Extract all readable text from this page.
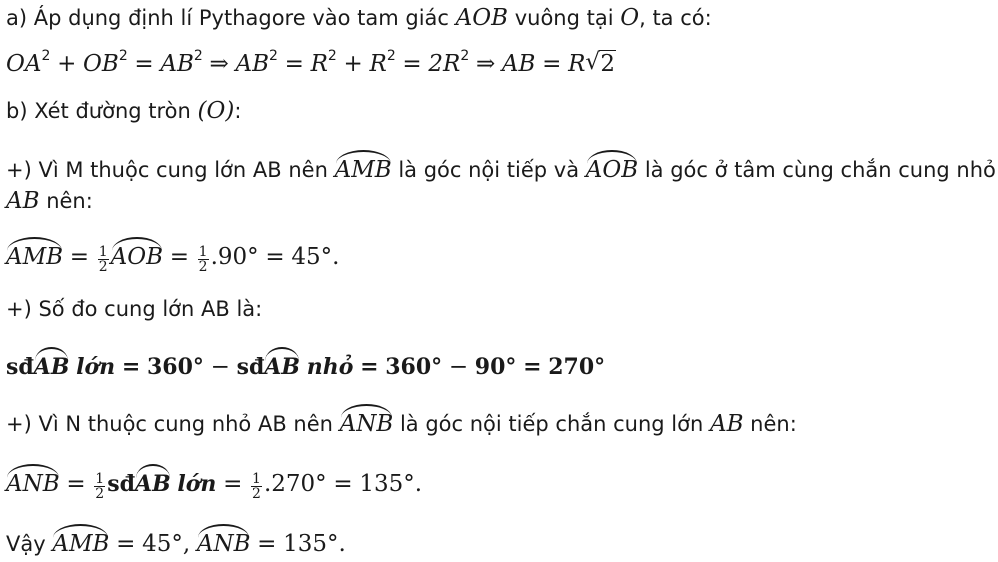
a) Áp dụng định lí Pythagore vào tam giác AOB vuông tại O, ta có:
$OA^2 + OB^2 = AB^2$ ⇒ $AB^2 = R^2 + R^2 = 2R^2$ ⇒ AB = R√ 2
b) Xét đường tròn (O):
+) Vì M thuộc cung lớn AB nên AMB là góc nội tiếp và AOB là góc ở tâm cùng chắn cung nhỏ
AB nên:
AMB = $\frac{1}{2}$ AOB = $\frac{1}{2} .90^\circ = 45^\circ$.
+) Số đo cung lớn AB là:
sđAB lớn = 360° − sđAB nhỏ = 360° − 90° = 270°
+) Vì N thuộc cung nhỏ AB nên ANB là góc nội tiếp chắn cung lớn AB nên:
ANB = $\frac{1}{2}$ sđAB lớn = $\frac{1}{2} .270^\circ = 135^\circ$.
Vậy AMB = 45°, ANB = 135°.
